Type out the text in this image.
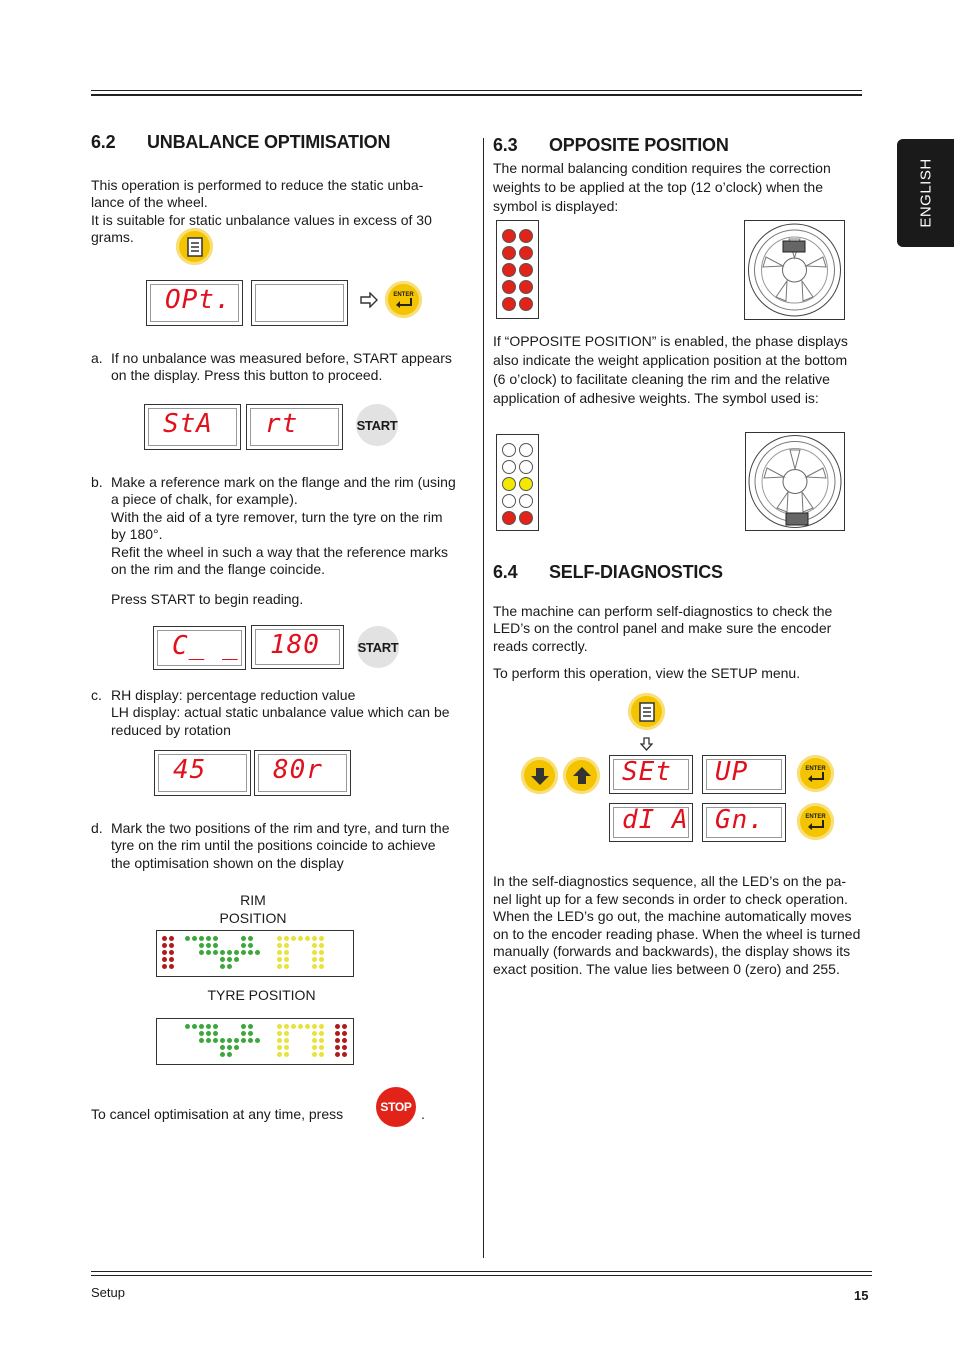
ENGLISH
6.2 UNBALANCE OPTIMISATION
This operation is performed to reduce the static unba-
lance of the wheel.
It is suitable for static unbalance values in excess of 30
grams.
OPt.	ENTER
a. If no unbalance was measured before, START appears
on the display. Press this button to proceed.
StA rt	START
b. Make a reference mark on the flange and the rim (using
a piece of chalk, for example).
With the aid of a tyre remover, turn the tyre on the rim
by 180°.
Refit the wheel in such a way that the reference marks
on the rim and the flange coincide.
Press START to begin reading.
C_ _ 180	START
c. RH display: percentage reduction value
LH display: actual static unbalance value which can be
reduced by rotation
45	80r
d. Mark the two positions of the rim and tyre, and turn the
tyre on the rim until the positions coincide to achieve
the optimisation shown on the display
RIM
POSITION
TYRE POSITION
To cancel optimisation at any time, press	STOP .
6.3 OPPOSITE POSITION
The normal balancing condition requires the correction
weights to be applied at the top (12 o’clock) when the
symbol is displayed:
If “OPPOSITE POSITION” is enabled, the phase displays
also indicate the weight application position at the bottom
(6 o’clock) to facilitate cleaning the rim and the relative
application of adhesive weights. The symbol used is:
6.4 SELF-DIAGNOSTICS
The machine can perform self-diagnostics to check the
LED’s on the control panel and make sure the encoder
reads correctly.
To perform this operation, view the SETUP menu.
SEt UP	ENTER
dI A Gn.	ENTER
In the self-diagnostics sequence, all the LED’s on the pa-
nel light up for a few seconds in order to check operation.
When the LED’s go out, the machine automatically moves
on to the encoder reading phase. When the wheel is turned
manually (forwards and backwards), the display shows its
exact position. The value lies between 0 (zero) and 255.
Setup	15
